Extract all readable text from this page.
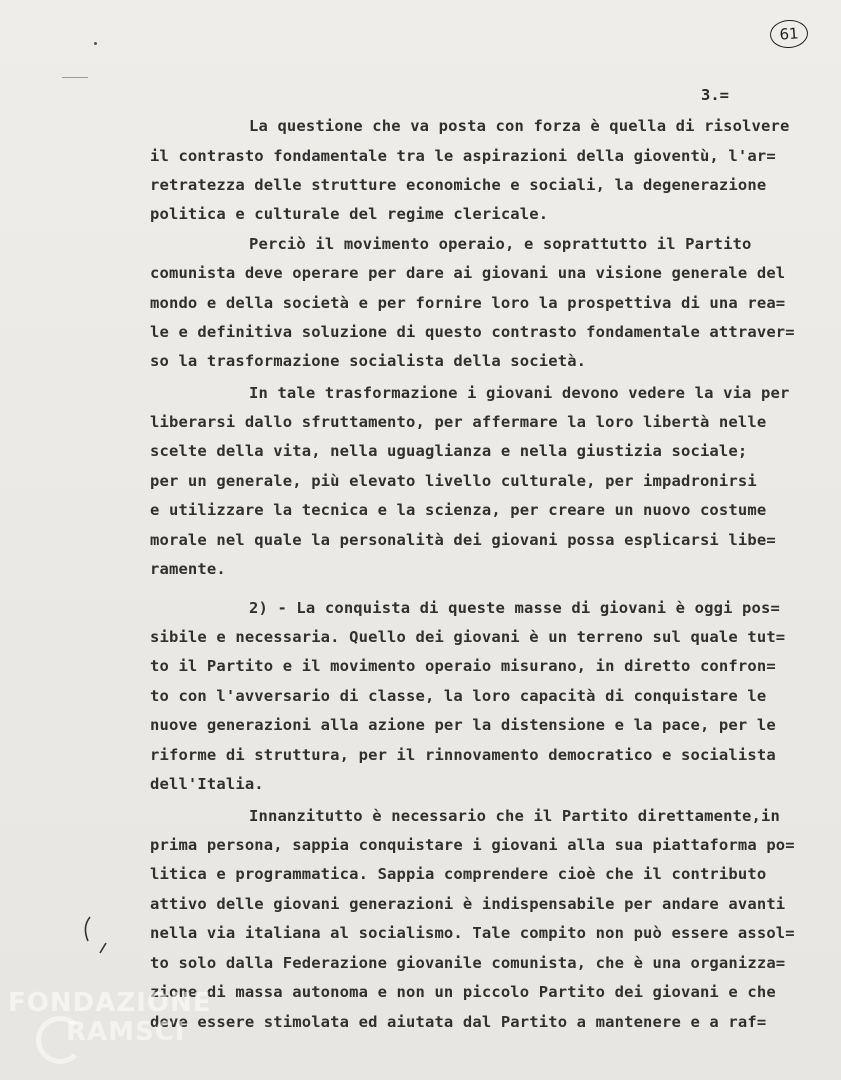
61
3.=
La questione che va posta con forza è quella di risolvere
il contrasto fondamentale tra le aspirazioni della gioventù, l'ar=
retratezza delle strutture economiche e sociali, la degenerazione
politica e culturale del regime clericale.
Perciò il movimento operaio, e soprattutto il Partito
comunista deve operare per dare ai giovani una visione generale del
mondo e della società e per fornire loro la prospettiva di una rea=
le e definitiva soluzione di questo contrasto fondamentale attraver=
so la trasformazione socialista della società.
In tale trasformazione i giovani devono vedere la via per
liberarsi dallo sfruttamento, per affermare la loro libertà nelle
scelte della vita, nella uguaglianza e nella giustizia sociale;
per un generale, più elevato livello culturale, per impadronirsi
e utilizzare la tecnica e la scienza, per creare un nuovo costume
morale nel quale la personalità dei giovani possa esplicarsi libe=
ramente.
2) - La conquista di queste masse di giovani è oggi pos=
sibile e necessaria. Quello dei giovani è un terreno sul quale tut=
to il Partito e il movimento operaio misurano, in diretto confron=
to con l'avversario di classe, la loro capacità di conquistare le
nuove generazioni alla azione per la distensione e la pace, per le
riforme di struttura, per il rinnovamento democratico e socialista
dell'Italia.
Innanzitutto è necessario che il Partito direttamente,in
prima persona, sappia conquistare i giovani alla sua piattaforma po=
litica e programmatica. Sappia comprendere cioè che il contributo
attivo delle giovani generazioni è indispensabile per andare avanti
nella via italiana al socialismo. Tale compito non può essere assol=
to solo dalla Federazione giovanile comunista, che è una organizza=
zione di massa autonoma e non un piccolo Partito dei giovani e che
deve essere stimolata ed aiutata dal Partito a mantenere e a raf=
FONDAZIONE
RAMSCI
